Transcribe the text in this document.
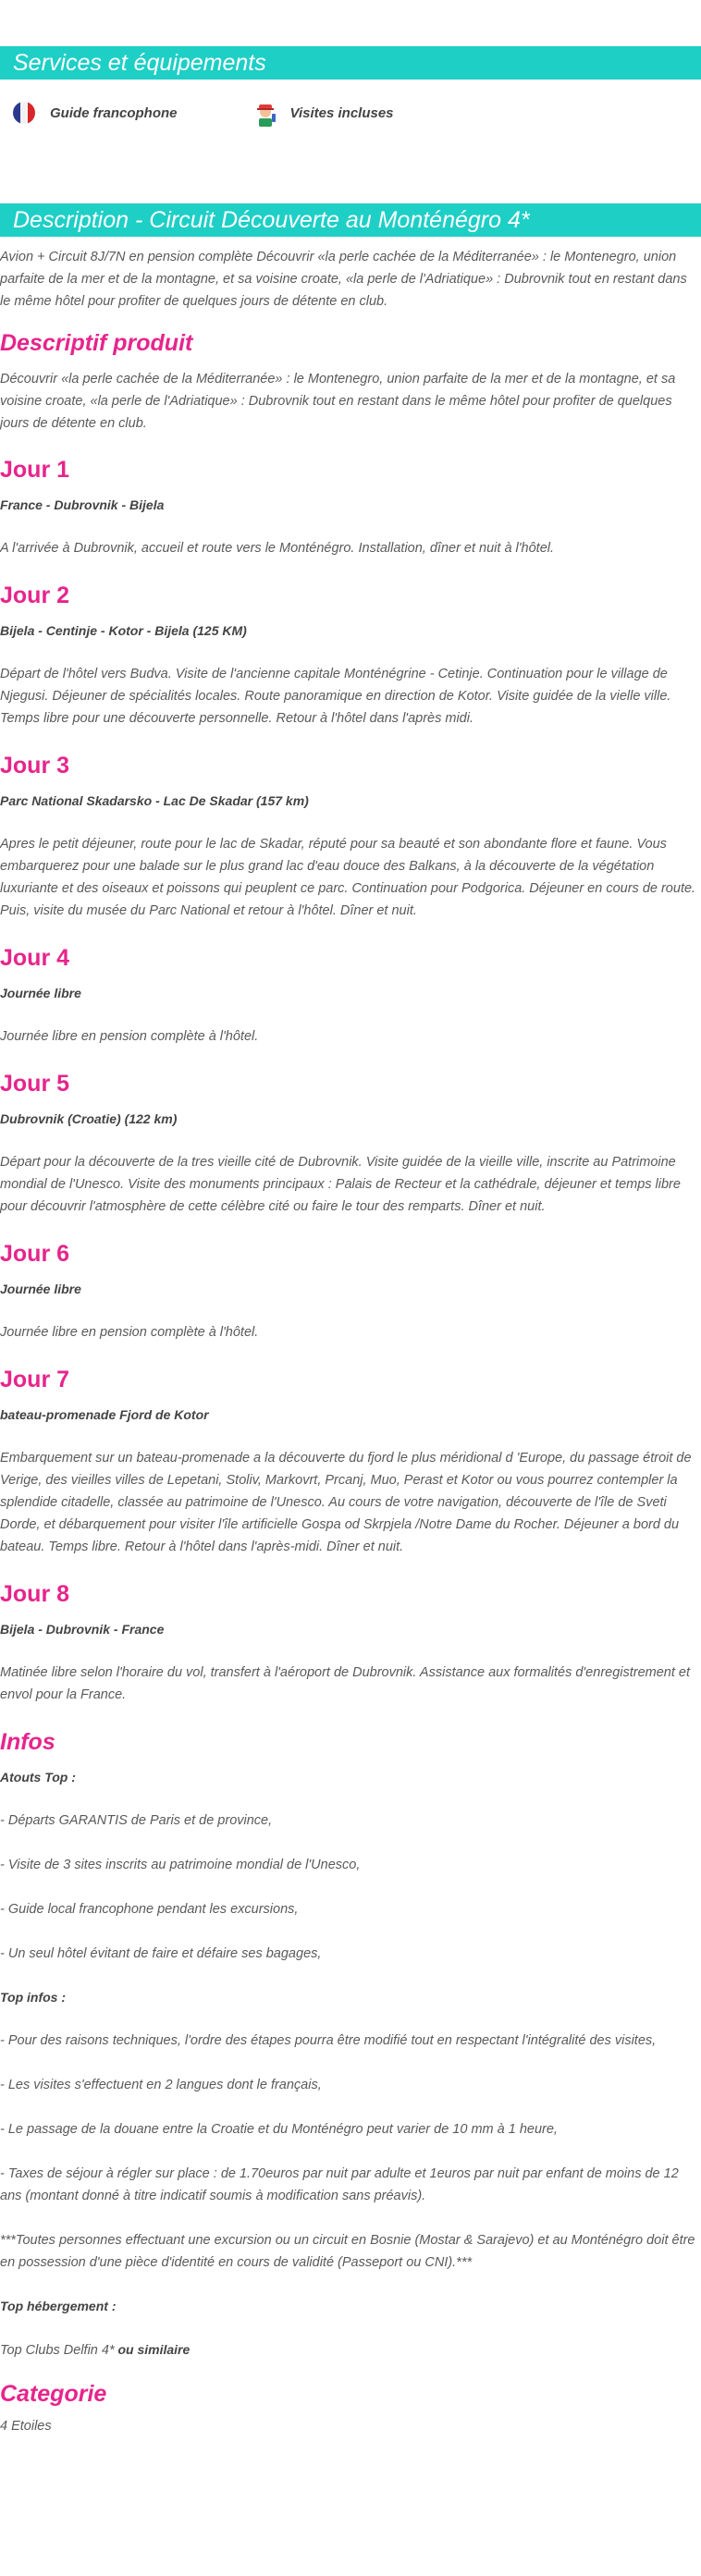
Services et équipements
Guide francophone	Visites incluses
Description - Circuit Découverte au Monténégro 4*

Avion + Circuit 8J/7N en pension complète Découvrir «la perle cachée de la Méditerranée» : le Montenegro, union parfaite de la mer et de la montagne, et sa voisine croate, «la perle de l'Adriatique» : Dubrovnik tout en restant dans le même hôtel pour profiter de quelques jours de détente en club.

Descriptif produit

Découvrir «la perle cachée de la Méditerranée» : le Montenegro, union parfaite de la mer et de la montagne, et sa voisine croate, «la perle de l'Adriatique» : Dubrovnik tout en restant dans le même hôtel pour profiter de quelques jours de détente en club.

Jour 1

France - Dubrovnik - Bijela

A l'arrivée à Dubrovnik, accueil et route vers le Monténégro. Installation, dîner et nuit à l'hôtel.

Jour 2

Bijela - Centinje - Kotor - Bijela (125 KM)

Départ de l'hôtel vers Budva. Visite de l'ancienne capitale Monténégrine - Cetinje. Continuation pour le village de Njegusi. Déjeuner de spécialités locales. Route panoramique en direction de Kotor. Visite guidée de la vielle ville. Temps libre pour une découverte personnelle. Retour à l'hôtel dans l'après midi.

Jour 3

Parc National Skadarsko - Lac De Skadar (157 km)

Apres le petit déjeuner, route pour le lac de Skadar, réputé pour sa beauté et son abondante flore et faune. Vous embarquerez pour une balade sur le plus grand lac d'eau douce des Balkans, à la découverte de la végétation luxuriante et des oiseaux et poissons qui peuplent ce parc. Continuation pour Podgorica. Déjeuner en cours de route. Puis, visite du musée du Parc National et retour à l'hôtel. Dîner et nuit.

Jour 4

Journée libre

Journée libre en pension complète à l'hôtel.

Jour 5

Dubrovnik (Croatie) (122 km)

Départ pour la découverte de la tres vieille cité de Dubrovnik. Visite guidée de la vieille ville, inscrite au Patrimoine mondial de l'Unesco. Visite des monuments principaux : Palais de Recteur et la cathédrale, déjeuner et temps libre pour découvrir l'atmosphère de cette célèbre cité ou faire le tour des remparts. Dîner et nuit.

Jour 6

Journée libre

Journée libre en pension complète à l'hôtel.

Jour 7

bateau-promenade Fjord de Kotor

Embarquement sur un bateau-promenade a la découverte du fjord le plus méridional d 'Europe, du passage étroit de Verige, des vieilles villes de Lepetani, Stoliv, Markovrt, Prcanj, Muo, Perast et Kotor ou vous pourrez contempler la splendide citadelle, classée au patrimoine de l'Unesco. Au cours de votre navigation, découverte de l'île de Sveti Dorde, et débarquement pour visiter l'île artificielle Gospa od Skrpjela /Notre Dame du Rocher. Déjeuner a bord du bateau. Temps libre. Retour à l'hôtel dans l'après-midi. Dîner et nuit.

Jour 8

Bijela - Dubrovnik - France

Matinée libre selon l'horaire du vol, transfert à l'aéroport de Dubrovnik. Assistance aux formalités d'enregistrement et envol pour la France.

Infos

Atouts Top :

- Départs GARANTIS de Paris et de province,

- Visite de 3 sites inscrits au patrimoine mondial de l'Unesco,

- Guide local francophone pendant les excursions,

- Un seul hôtel évitant de faire et défaire ses bagages,

Top infos :

- Pour des raisons techniques, l'ordre des étapes pourra être modifié tout en respectant l'intégralité des visites,

- Les visites s'effectuent en 2 langues dont le français,

- Le passage de la douane entre la Croatie et du Monténégro peut varier de 10 mm à 1 heure,

- Taxes de séjour à régler sur place : de 1.70euros par nuit par adulte et 1euros par nuit par enfant de moins de 12 ans (montant donné à titre indicatif soumis à modification sans préavis).

***Toutes personnes effectuant une excursion ou un circuit en Bosnie (Mostar & Sarajevo) et au Monténégro doit être en possession d'une pièce d'identité en cours de validité (Passeport ou CNI).***

Top hébergement :

Top Clubs Delfin 4* ou similaire

Categorie

4 Etoiles
